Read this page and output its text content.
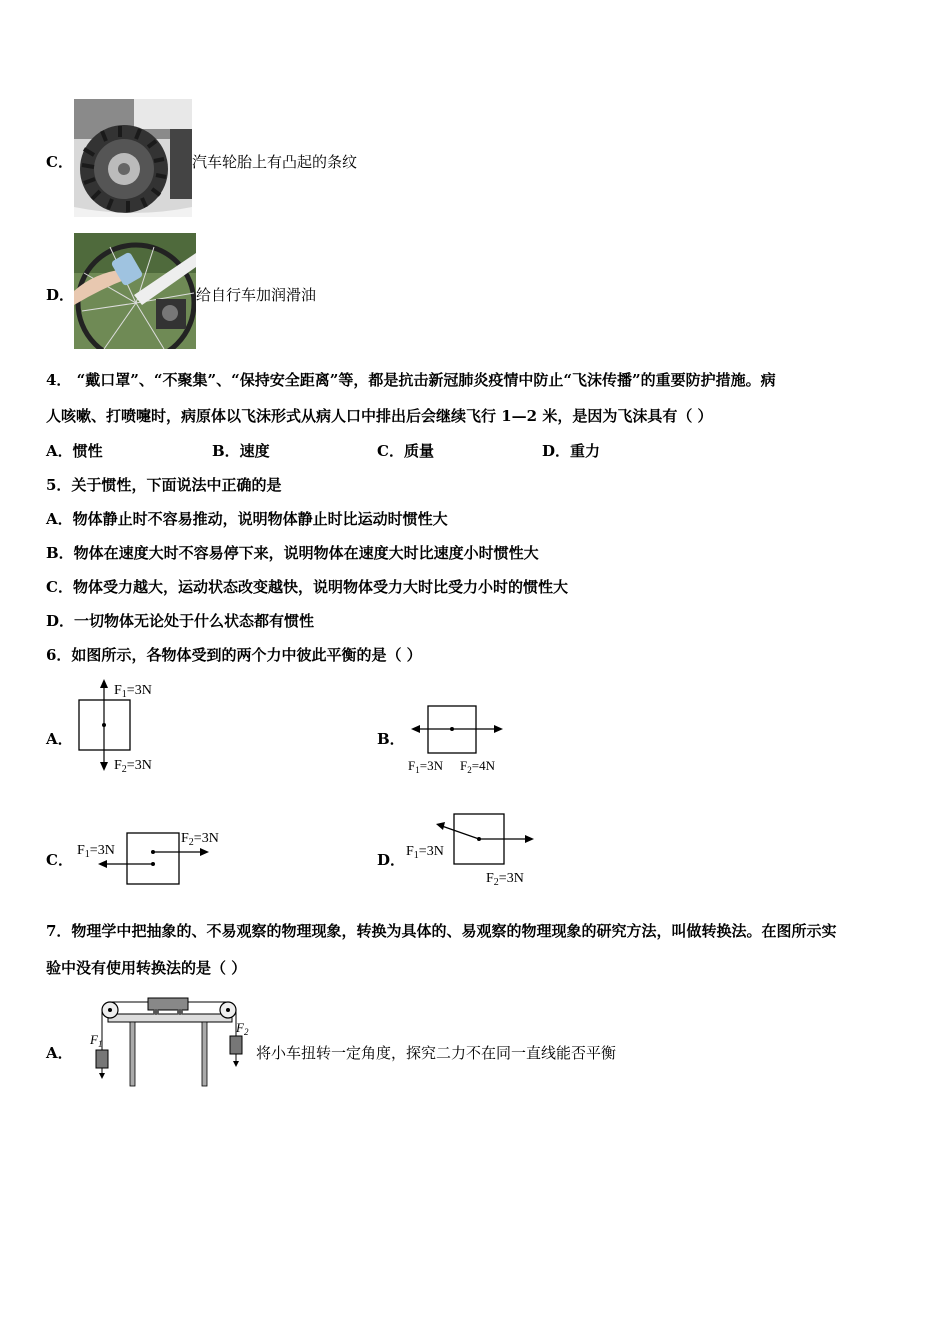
C．	汽车轮胎上有凸起的条纹
D．	给自行车加润滑油
4． “戴口罩”、“不聚集”、“保持安全距离”等，都是抗击新冠肺炎疫情中防止“飞沫传播”的重要防护措施。病
人咳嗽、打喷嚏时，病原体以飞沫形式从病人口中排出后会继续飞行 1—2 米，是因为飞沫具有（ ）
A．惯性	B．速度	C．质量	D．重力
5．关于惯性，下面说法中正确的是
A．物体静止时不容易推动，说明物体静止时比运动时惯性大
B．物体在速度大时不容易停下来，说明物体在速度大时比速度小时惯性大
C．物体受力越大，运动状态改变越快，说明物体受力大时比受力小时的惯性大
D．一切物体无论处于什么状态都有惯性
6．如图所示，各物体受到的两个力中彼此平衡的是（ ）
A．
$F_1=3N$
$F_2=3N$
B．
$F_1=3N$ $F_2=4N$
C．
$F_1=3N$
$F_2=3N$
D． $F_1=3N$
$F_2=3N$
7．物理学中把抽象的、不易观察的物理现象，转换为具体的、易观察的物理现象的研究方法，叫做转换法。在图所示实
验中没有使用转换法的是（ ）
A．
$F_1$
$F_2$
将小车扭转一定角度，探究二力不在同一直线能否平衡
